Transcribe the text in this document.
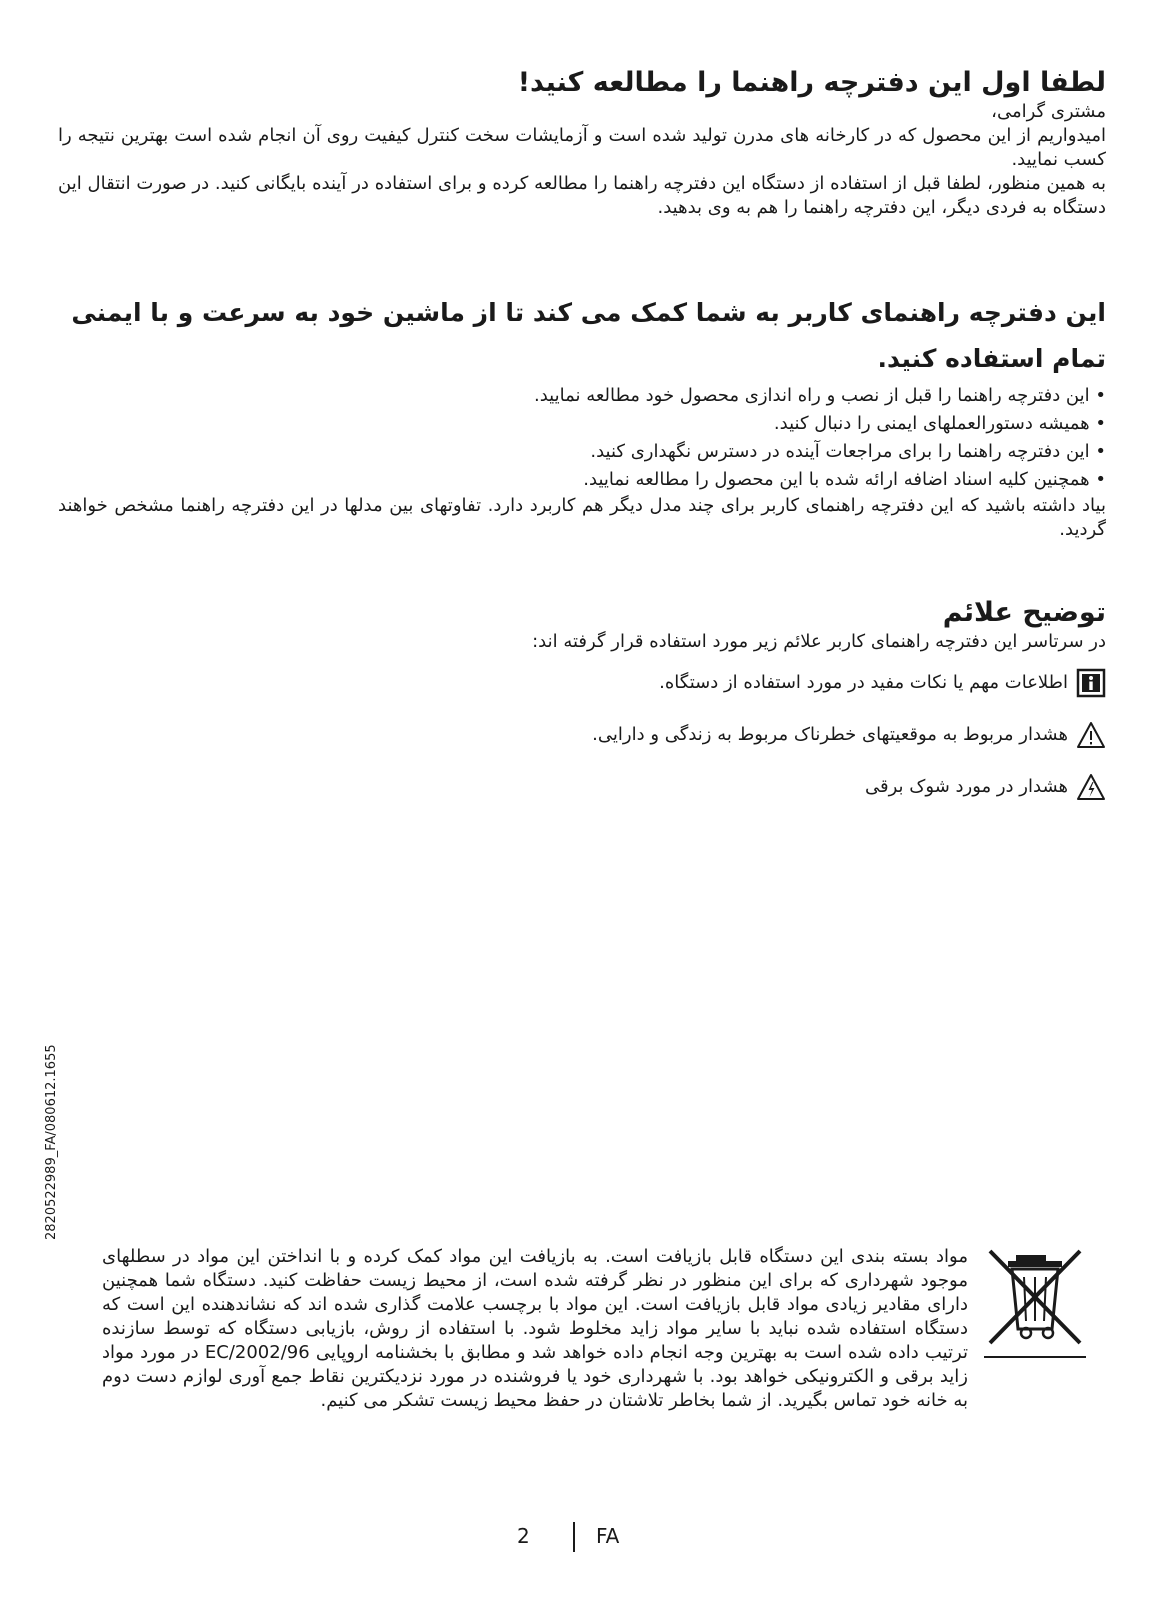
لطفا اول این دفترچه راهنما را مطالعه کنید!

مشتری گرامی،

امیدواریم از این محصول که در کارخانه های مدرن تولید شده است و آزمایشات سخت کنترل کیفیت روی آن انجام شده است بهترین نتیجه را کسب نمایید.

به همین منظور، لطفا قبل از استفاده از دستگاه این دفترچه راهنما را مطالعه کرده و برای استفاده در آینده بایگانی کنید. در صورت انتقال این دستگاه به فردی دیگر، این دفترچه راهنما را هم به وی بدهید.

این دفترچه راهنمای کاربر به شما کمک می کند تا از ماشین خود به سرعت و با ایمنی تمام استفاده کنید.

• این دفترچه راهنما را قبل از نصب و راه اندازی محصول خود مطالعه نمایید.

• همیشه دستورالعملهای ایمنی را دنبال کنید.

• این دفترچه راهنما را برای مراجعات آینده در دسترس نگهداری کنید.

• همچنین کلیه اسناد اضافه ارائه شده با این محصول را مطالعه نمایید.

بیاد داشته باشید که این دفترچه راهنمای کاربر برای چند مدل دیگر هم کاربرد دارد. تفاوتهای بین مدلها در این دفترچه راهنما مشخص خواهند گردید.

توضیح علائم

در سرتاسر این دفترچه راهنمای کاربر علائم زیر مورد استفاده قرار گرفته اند:

اطلاعات مهم یا نکات مفید در مورد استفاده از دستگاه.
هشدار مربوط به موقعیتهای خطرناک مربوط به زندگی و دارایی.
هشدار در مورد شوک برقی
2820522989_FA/080612.1655
مواد بسته بندی این دستگاه قابل بازیافت است. به بازیافت این مواد کمک کرده و با انداختن این مواد در سطلهای موجود شهرداری که برای این منظور در نظر گرفته شده است، از محیط زیست حفاظت کنید. دستگاه شما همچنین دارای مقادیر زیادی مواد قابل بازیافت است. این مواد با برچسب علامت گذاری شده اند که نشاندهنده این است که دستگاه استفاده شده نباید با سایر مواد زاید مخلوط شود. با استفاده از روش، بازیابی دستگاه که توسط سازنده ترتیب داده شده است به بهترین وجه انجام داده خواهد شد و مطابق با بخشنامه اروپایی EC/2002/96 در مورد مواد زاید برقی و الکترونیکی خواهد بود. با شهرداری خود یا فروشنده در مورد نزدیکترین نقاط جمع آوری لوازم دست دوم به خانه خود تماس بگیرید. از شما بخاطر تلاشتان در حفظ محیط زیست تشکر می کنیم.
2	FA
